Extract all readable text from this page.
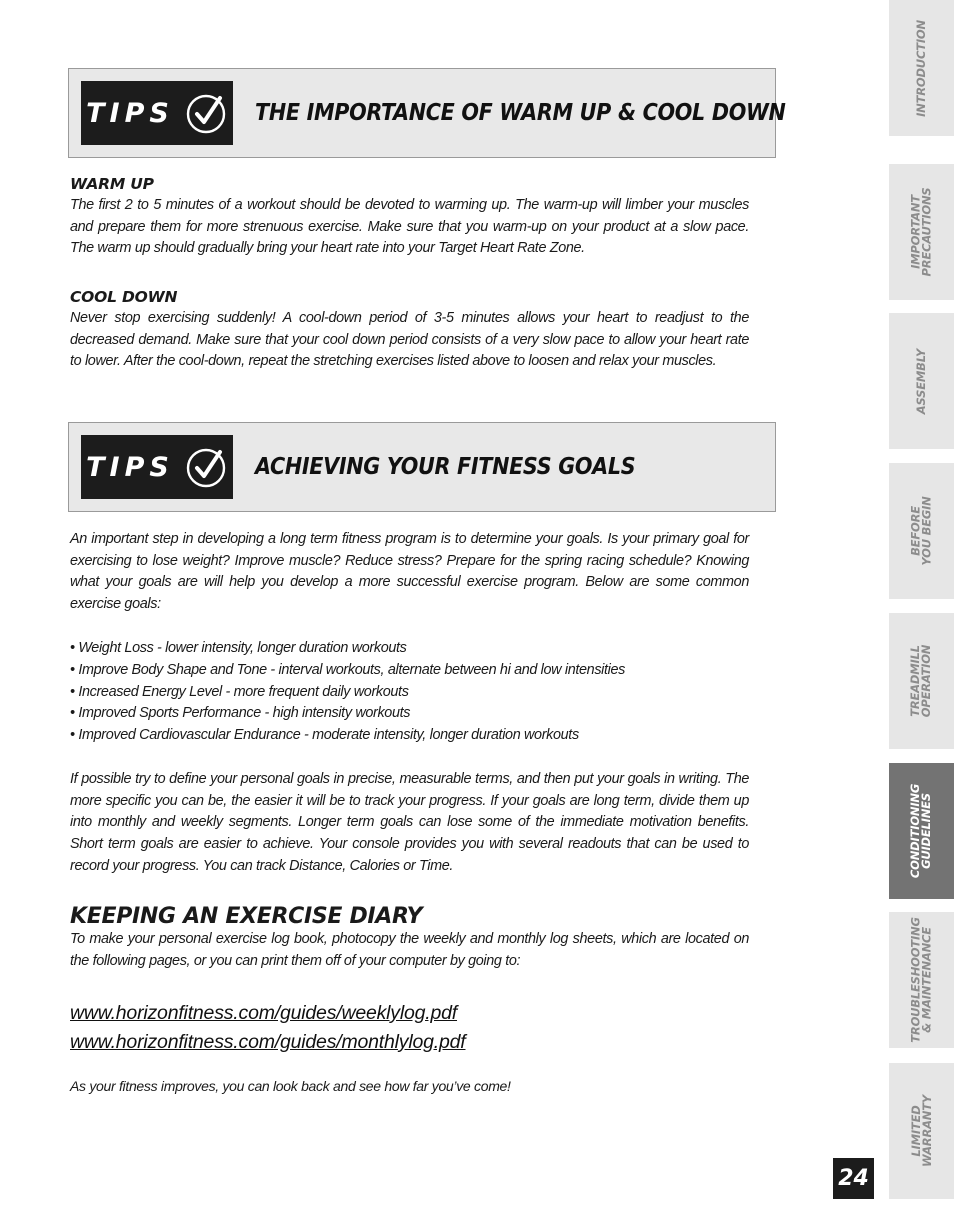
TIPS	THE IMPORTANCE OF WARM UP & COOL DOWN
WARM UP

The first 2 to 5 minutes of a workout should be devoted to warming up. The warm-up will limber your muscles and prepare them for more strenuous exercise. Make sure that you warm-up on your product at a slow pace. The warm up should gradually bring your heart rate into your Target Heart Rate Zone.

COOL DOWN

Never stop exercising suddenly! A cool-down period of 3-5 minutes allows your heart to readjust to the decreased demand. Make sure that your cool down period consists of a very slow pace to allow your heart rate to lower. After the cool-down, repeat the stretching exercises listed above to loosen and relax your muscles.

TIPS	ACHIEVING YOUR FITNESS GOALS

An important step in developing a long term fitness program is to determine your goals. Is your primary goal for exercising to lose weight? Improve muscle? Reduce stress? Prepare for the spring racing schedule? Knowing what your goals are will help you develop a more successful exercise program. Below are some common exercise goals:

• Weight Loss - lower intensity, longer duration workouts
• Improve Body Shape and Tone - interval workouts, alternate between hi and low intensities
• Increased Energy Level - more frequent daily workouts
• Improved Sports Performance - high intensity workouts
• Improved Cardiovascular Endurance - moderate intensity, longer duration workouts

If possible try to define your personal goals in precise, measurable terms, and then put your goals in writing. The more specific you can be, the easier it will be to track your progress. If your goals are long term, divide them up into monthly and weekly segments. Longer term goals can lose some of the immediate motivation benefits. Short term goals are easier to achieve. Your console provides you with several readouts that can be used to record your progress. You can track Distance, Calories or Time.

KEEPING AN EXERCISE DIARY

To make your personal exercise log book, photocopy the weekly and monthly log sheets, which are located on the following pages, or you can print them off of your computer by going to:

www.horizonfitness.com/guides/weeklylog.pdf
www.horizonfitness.com/guides/monthlylog.pdf
As your fitness improves, you can look back and see how far you’ve come!
INTRODUCTION
IMPORTANT
PRECAUTIONS
ASSEMBLY
BEFORE
YOU BEGIN
TREADMILL
OPERATION
CONDITIONING
GUIDELINES
TROUBLESHOOTING
& MAINTENANCE
LIMITED
WARRANTY
24
